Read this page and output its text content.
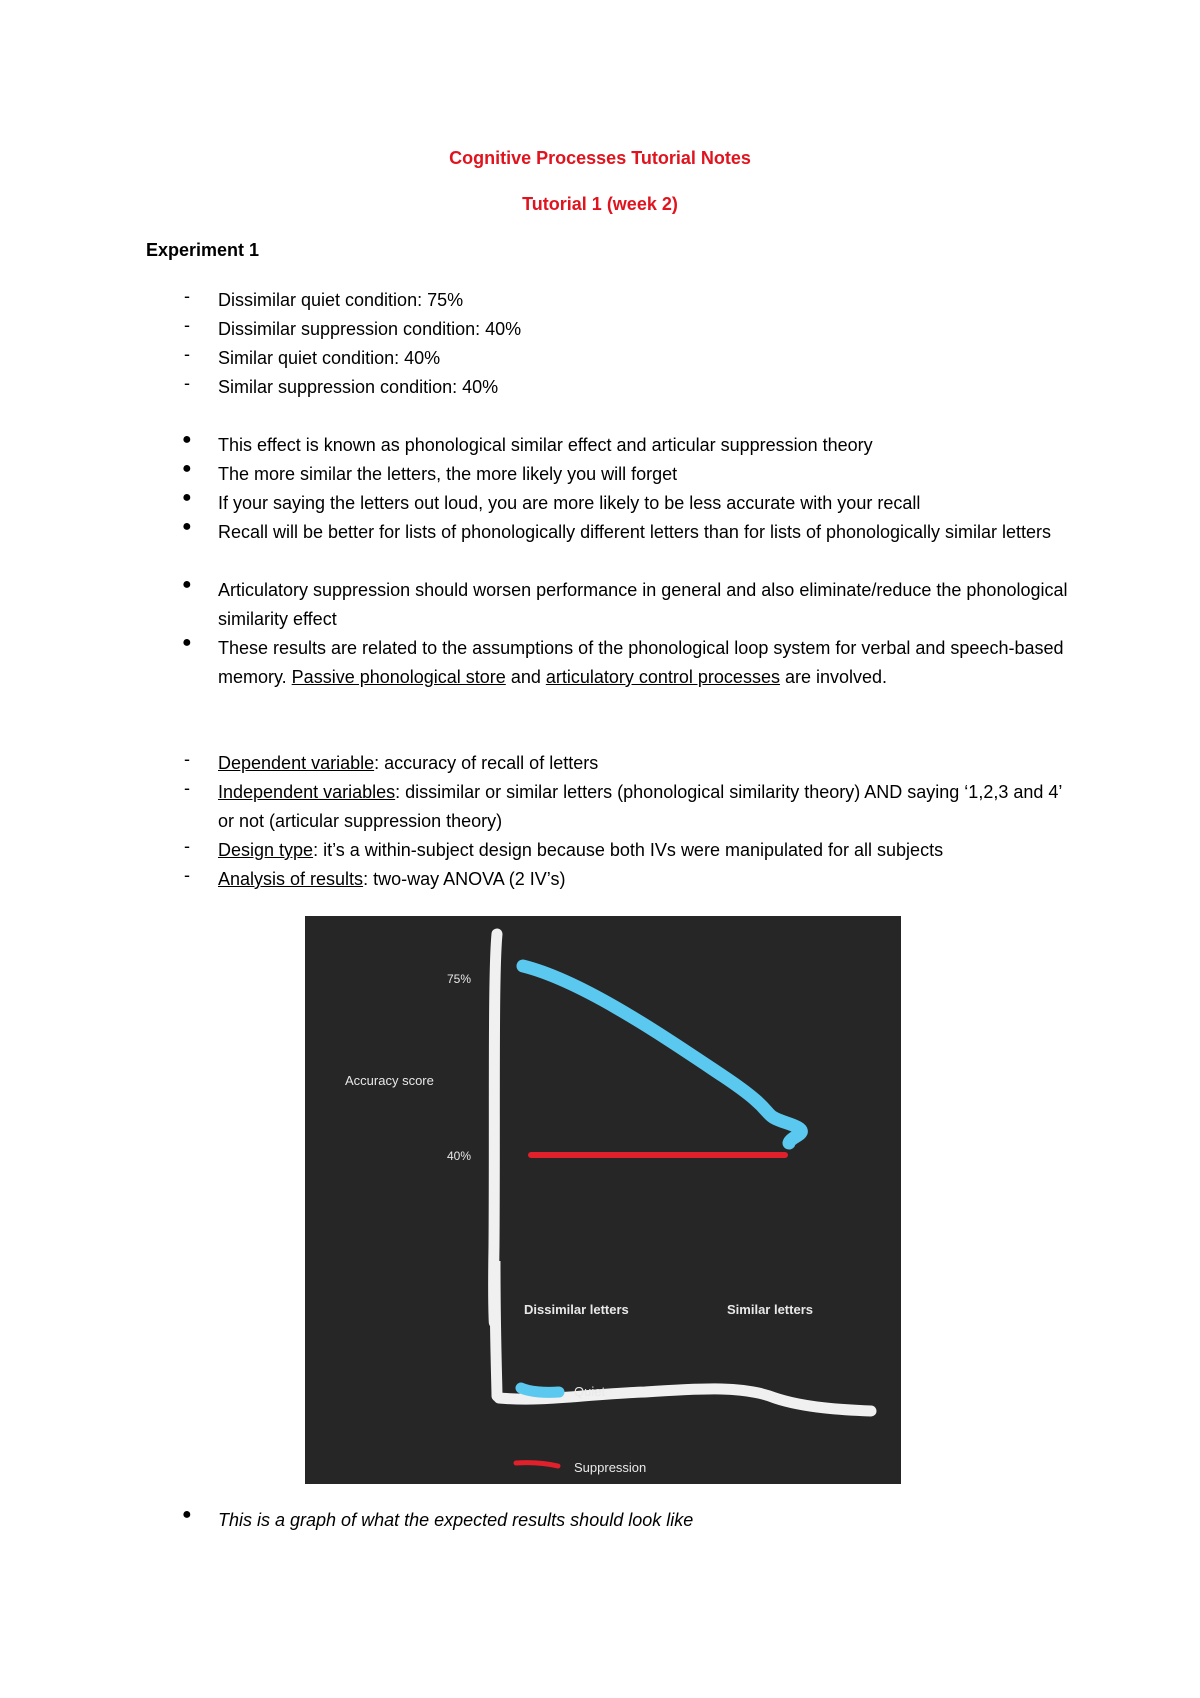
Cognitive Processes Tutorial Notes
Tutorial 1 (week 2)
Experiment 1
- Dissimilar quiet condition: 75%
- Dissimilar suppression condition: 40%
- Similar quiet condition: 40%
- Similar suppression condition: 40%
● This effect is known as phonological similar effect and articular suppression theory
● The more similar the letters, the more likely you will forget
● If your saying the letters out loud, you are more likely to be less accurate with your recall
● Recall will be better for lists of phonologically different letters than for lists of phonologically similar letters
● Articulatory suppression should worsen performance in general and also eliminate/reduce the phonological similarity effect
● These results are related to the assumptions of the phonological loop system for verbal and speech-based memory. Passive phonological store and articulatory control processes are involved.
- Dependent variable: accuracy of recall of letters
- Independent variables: dissimilar or similar letters (phonological similarity theory) AND saying ‘1,2,3 and 4’ or not (articular suppression theory)
- Design type: it’s a within-subject design because both IVs were manipulated for all subjects
- Analysis of results: two-way ANOVA (2 IV’s)
Accuracy score
75%
40%
Dissimilar letters	Similar letters
Quiet
Suppression
● This is a graph of what the expected results should look like
